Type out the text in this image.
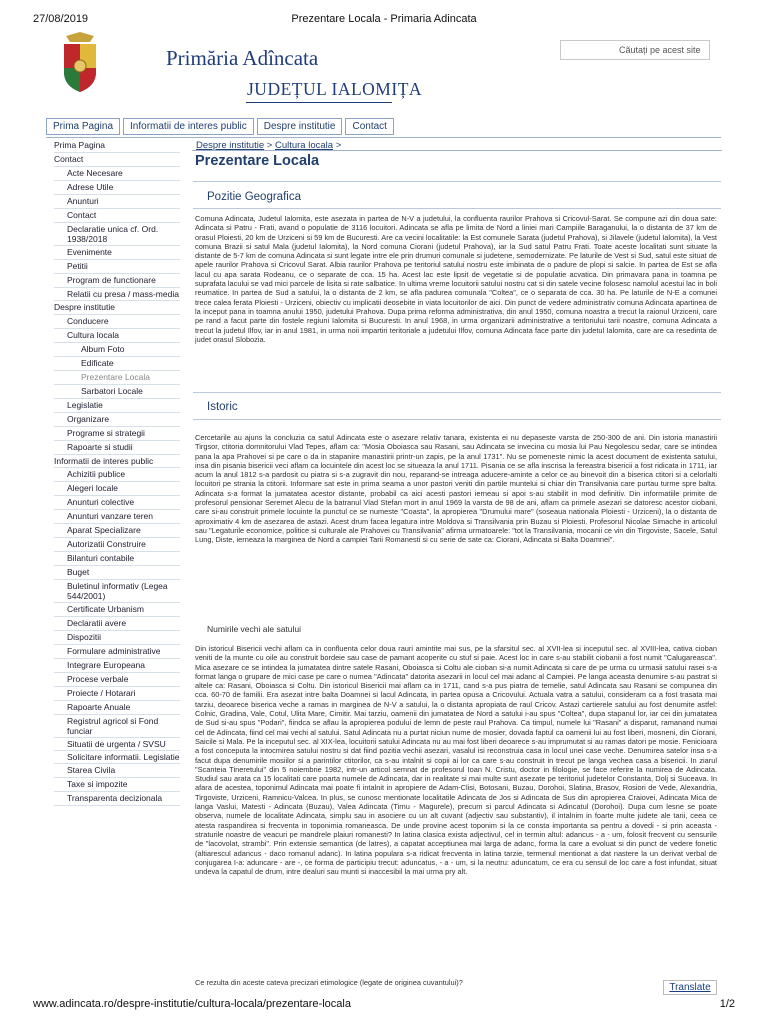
27/08/2019	Prezentare Locala - Primaria Adincata
Primăria Adîncata
JUDEȚUL IALOMIȚA
Cãutați pe acest site
Prima Pagina	Informatii de interes public	Despre institutie	Contact
Prima Pagina
Contact
Acte Necesare
Adrese Utile
Anunturi
Contact
Declaratie unica cf. Ord. 1938/2018
Evenimente
Petitii
Program de functionare
Relatii cu presa / mass-media
Despre institutie
Conducere
Cultura locala
Album Foto
Edificate
Prezentare Locala
Sarbatori Locale
Legislatie
Organizare
Programe si strategii
Rapoarte si studii
Informatii de interes public
Achizitii publice
Alegeri locale
Anunturi colective
Anunturi vanzare teren
Aparat Specializare
Autorizatii Construire
Bilanturi contabile
Buget
Buletinul informativ (Legea 544/2001)
Certificate Urbanism
Declaratii avere
Dispozitii
Formulare administrative
Integrare Europeana
Procese verbale
Proiecte / Hotarari
Rapoarte Anuale
Registrul agricol si Fond funciar
Situatii de urgenta / SVSU
Solicitare informatii. Legislatie
Starea Civila
Taxe si impozite
Transparenta decizionala
Despre institutie > Cultura locala >
Prezentare Locala
Pozitie Geografica
Comuna Adincata, Judetul Ialomita, este asezata in partea de N-V a judetului, la confluenta raurilor Prahova si Cricovul-Sarat. Se compune azi din doua sate: Adincata si Patru - Frati, avand o populatie de 3116 locuitori. Adincata se afla pe limita de Nord a liniei mari Campiile Baraganului, la o distanta de 37 km de orasul Ploiesti, 20 km de Urziceni si 59 km de Bucuresti. Are ca vecini localitatile: la Est comunele Sarata (judetul Prahova), si Jilavele (judetul Ialomita), la Vest comuna Brazii si satul Mala (judetul Ialomita), la Nord comuna Ciorani (judetul Prahova), iar la Sud satul Patru Frati. Toate aceste localitati sunt situate la distante de 5-7 km de comuna Adincata si sunt legate intre ele prin drumuri comunale si judetene, semodernizate. Pe laturile de Vest si Sud, satul este situat de apele raurilor Prahova si Cricovul Sarat. Albia raurilor Prahova pe teritoriul satului nostru este imbinata de o padure de plopi si salcie. In partea de Est se afla lacul cu apa sarata Rodeanu, ce o separate de cca. 15 ha. Acest lac este lipsit de vegetatie si de populatie acvatica. Din primavara pana in toamna pe suprafata lacului se vad mici parcele de lisita si rate salbatice. In ultima vreme locuitorii satului nostru cat si din satele vecine folosesc namolul acestui lac in boli reumatice. In partea de Sud a satului, la o distanta de 2 km, se afla padurea comunala "Coltea", ce o separata de cca. 30 ha. Pe laturile de N-E a comunei trece calea ferata Ploiesti - Urziceni, obiectiv cu implicatii deosebite in viata locuitorilor de aici. Din punct de vedere administrativ comuna Adincata apartinea de la inceput pana in toamna anului 1950, judetului Prahova. Dupa prima reforma administrativa, din anul 1950, comuna noastra a trecut la raionul Urziceni, care pe rand a facut parte din fostele regiuni Ialomita si Bucuresti. In anul 1968, in urma organizarii administrative a teritoriului tarii noastre, comuna Adincata a trecut la judetul Ilfov, iar in anul 1981, in urma noii impartiri teritoriale a judetului Ilfov, comuna Adincata face parte din judetul Ialomita, care are ca resedinta de judet orasul Slobozia.
Istoric
Cercetarile au ajuns la concluzia ca satul Adincata este o asezare relativ tanara, existenta ei nu depaseste varsta de 250-300 de ani. Din istoria manastirii Tirgsor, ctitoria domnitorului Vlad Tepes, aflam ca: "Mosia Oboiasca sau Rasani, sau Adincata se invecina cu mosia lui Pau Negolescu sedar, care se intindea pana la apa Prahovei si pe care o da in stapanire manastirii printr-un zapis, pe la anul 1731". Nu se pomeneste nimic la acest document de existenta satului, insa din pisania bisericii veci aflam ca locuintele din acest loc se situeaza la anul 1711. Pisania ce se afla inscrisa la fereastra bisericii a fost ridicata in 1711, iar acum la anul 1812 s-a pardosit cu piatra si s-a zugravit din nou, reparand-se intreaga aducere-aminte a celor ce au binevoit din a biserica ctitori si a celorlalti locuitori pe strania la ctitorii. Informare sat este in prima seama a unor pastori veniti din partile muntelui si chiar din Transilvania care purtau turme spre balta. Adincata s-a format la jumatatea acestor distante, probabil ca aici acesti pastori ierneau si apoi s-au stabilit in mod definitiv. Din informatiile primite de profesorul pensionar Seremet Alecu de la batranul Vlad Stefan mort in anul 1969 la varsta de 98 de ani, aflam ca primele asezari se datoresc acestor ciobani, care si-au construit primele locuinte la punctul ce se numeste "Coasta", la apropierea "Drumului mare" (soseaua nationala Ploiesti - Urziceni), la o distanta de aproximativ 4 km de asezarea de astazi. Acest drum facea legatura intre Moldova si Transilvania prin Buzau si Ploiesti. Profesorul Nicolae Simache in articolul sau "Legaturile economice, politice si culturale ale Prahovei cu Transilvania" afirma urmatoarele: "tot la Transilvania, mocanii ce vin din Tirgoviste, Sacele, Satul Lung, Diste, ierneaza la marginea de Nord a campiei Tarii Romanesti si cu serie de sate ca: Ciorani, Adincata si Balta Doamnei".
Numirile vechi ale satului
Din istoricul Bisericii vechi aflam ca in confluenta celor doua rauri amintite mai sus, pe la sfarsitul sec. al XVII-lea si inceputul sec. al XVIII-lea, cativa cioban veniti de la munte cu oile au construit bordeie sau case de pamant acoperite cu stuf si paie. Acest loc in care s-au stabilit ciobanii a fost numit "Calugareasca". Mica asezare ce se intindea la jumatatea dintre satele Rasani, Oboiasca si Coltu ale cioban si-a numit Adincata si care de pe urma cu urmasii satului rasei s-a format langa o grupare de mici case pe care o numea "Adincata" datorita asezarii in locul cel mai adanc al Campiei. Pe langa aceasta denumire s-au pastrat si altele ca: Rasani, Oboiasca si Coltu. Din istoricul Bisericii mai aflam ca in 1711, cand s-a pus piatra de temelie, satul Adincata sau Rasani se compunea din cca. 60-70 de familii. Era asezat intre balta Doamnei si lacul Adincata, in partea opusa a Cricovului. Actuala vatra a satului, consideram ca a fost trasata mai tarziu, deoarece biserica veche a ramas in marginea de N-V a satului, la o distanta apropiata de raul Cricov. Astazi cartierele satului au fost denumite astfel: Colnic, Gradina, Vale, Cotul, Ulita Mare, Cimitir. Mai tarziu, oamenii din jumatatea de Nord a satului i-au spus "Coltea", dupa stapanul lor, iar cei din jumatatea de Sud si-au spus "Podari", fiindca se aflau la apropierea podului de lemn de peste raul Prahova. Ca timpul, numele lui "Rasani" a disparut, ramanand numai cel de Adincata, fiind cel mai vechi al satului. Satul Adincata nu a purtat niciun nume de mosier, dovada faptul ca oamenii lui au fost liberi, mosneni, din Ciorani, Saicile si Mala. Pe la inceputul sec. al XIX-lea, locuitorii satului Adincata nu au mai fost liberi deoarece s-au imprumutat si au ramas datori pe mosie. Fenicioara a fost conceputa la intocmirea satului nostru si dat fiind pozitia vechii asezari, vasalul isi reconstruia casa in locul unei case veche. Denumirea satelor insa s-a facut dupa denumirile mosiilor si a parintilor ctitorilor, ca s-au intalnit si copii ai lor ca care s-au construit in trecut pe langa vechea casa a bisericii. In ziarul "Scanteia Tineretului" din 5 noiembrie 1982, intr-un articol semnat de profesorul Ioan N. Cristu, doctor in filologie, se face referire la numirea de Adincata. Studiul sau arata ca 15 localitati care poarta numele de Adincata, dar in realitate si mai multe sunt asezate pe teritoriul judetelor Constanta, Dolj si Suceava. In afara de acestea, toponimul Adincata mai poate fi intalnit in apropiere de Adam-Clisi, Botosani, Buzau, Dorohoi, Slatina, Brasov, Rosiori de Vede, Alexandria, Tirgoviste, Urziceni, Ramnicu-Valcea. In plus, se cunosc mentionate localitatile Adincata de Jos si Adincata de Sus din apropierea Craiovei, Adincata Mica de langa Vaslui, Matesti - Adincata (Buzau), Valea Adincata (Tirnu - Magurele), precum si parcul Adincata si Adincatul (Dorohoi). Dupa cum lesne se poate observa, numele de localitate Adincata, simplu sau in asociere cu un alt cuvant (adjectiv sau substantiv), il intalnim in foarte multe judete ale tarii, ceea ce atesta raspandirea si frecventa in toponimia romaneasca. De unde provine acest toponim si la ce consta importanta sa pentru a dovedi - si prin aceasta - straturile noastre de veacuri pe mandrele plaiuri romanesti? In latina clasica exista adjectivul, cel in termin altul: adancus - a - um, folosit frecvent cu sensurile de "lacovolat, strambi". Prin extensie semantica (de latres), a capatat acceptiunea mai larga de adanc, forma la care a evoluat si din punct de vedere fonetic (altiarescul adancus - daco romanul adanc). In latina populara s-a ridicat frecventa in latina tarzie, termenul mentionat a dat nastere la un derivat verbal de conjugarea I-a: aduncare - are -, ce forma de participiu trecut: aduncatus, - a - um, si la neutru: aduncatum, ce era cu sensul de loc care a fost infundat, situat undeva la capatul de drum, intre dealuri sau munti si inaccesibil la mai urma pry alt.
Ce rezulta din aceste cateva precizari etimologice (legate de originea cuvantului)?	Translate
www.adincata.ro/despre-institutie/cultura-locala/prezentare-locala	1/2
